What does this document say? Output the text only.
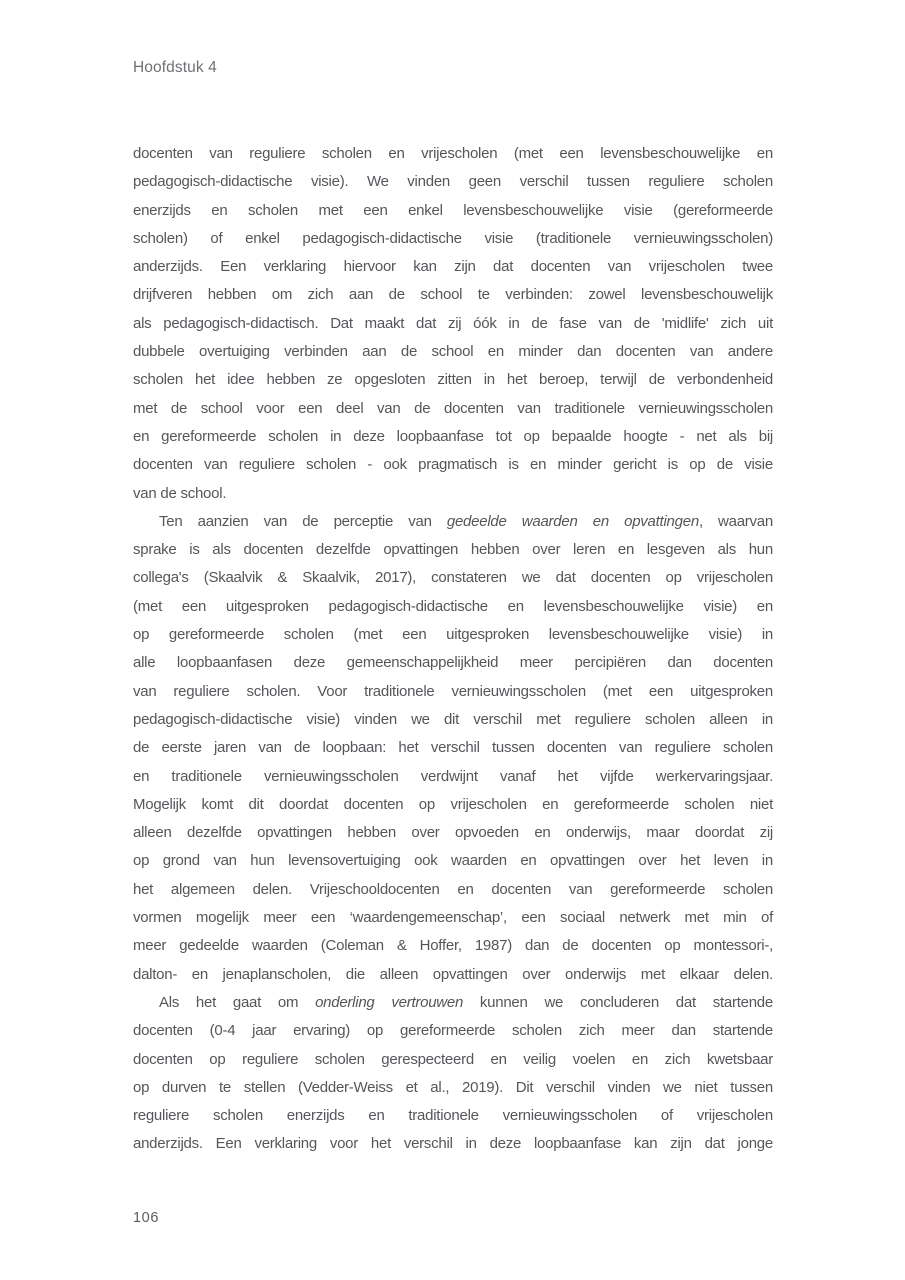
Hoofdstuk 4
docenten van reguliere scholen en vrijescholen (met een levensbeschouwelijke en
pedagogisch-didactische visie). We vinden geen verschil tussen reguliere scholen
enerzijds en scholen met een enkel levensbeschouwelijke visie (gereformeerde
scholen) of enkel pedagogisch-didactische visie (traditionele vernieuwingsscholen)
anderzijds. Een verklaring hiervoor kan zijn dat docenten van vrijescholen twee
drijfveren hebben om zich aan de school te verbinden: zowel levensbeschouwelijk
als pedagogisch-didactisch. Dat maakt dat zij óók in de fase van de 'midlife' zich uit
dubbele overtuiging verbinden aan de school en minder dan docenten van andere
scholen het idee hebben ze opgesloten zitten in het beroep, terwijl de verbondenheid
met de school voor een deel van de docenten van traditionele vernieuwingsscholen
en gereformeerde scholen in deze loopbaanfase tot op bepaalde hoogte - net als bij
docenten van reguliere scholen - ook pragmatisch is en minder gericht is op de visie
van de school.
Ten aanzien van de perceptie van gedeelde waarden en opvattingen, waarvan
sprake is als docenten dezelfde opvattingen hebben over leren en lesgeven als hun
collega's (Skaalvik & Skaalvik, 2017), constateren we dat docenten op vrijescholen
(met een uitgesproken pedagogisch-didactische en levensbeschouwelijke visie) en
op gereformeerde scholen (met een uitgesproken levensbeschouwelijke visie) in
alle loopbaanfasen deze gemeenschappelijkheid meer percipiëren dan docenten
van reguliere scholen. Voor traditionele vernieuwingsscholen (met een uitgesproken
pedagogisch-didactische visie) vinden we dit verschil met reguliere scholen alleen in
de eerste jaren van de loopbaan: het verschil tussen docenten van reguliere scholen
en traditionele vernieuwingsscholen verdwijnt vanaf het vijfde werkervaringsjaar.
Mogelijk komt dit doordat docenten op vrijescholen en gereformeerde scholen niet
alleen dezelfde opvattingen hebben over opvoeden en onderwijs, maar doordat zij
op grond van hun levensovertuiging ook waarden en opvattingen over het leven in
het algemeen delen. Vrijeschooldocenten en docenten van gereformeerde scholen
vormen mogelijk meer een ‘waardengemeenschap’, een sociaal netwerk met min of
meer gedeelde waarden (Coleman & Hoffer, 1987) dan de docenten op montessori-,
dalton- en jenaplanscholen, die alleen opvattingen over onderwijs met elkaar delen.
Als het gaat om onderling vertrouwen kunnen we concluderen dat startende
docenten (0-4 jaar ervaring) op gereformeerde scholen zich meer dan startende
docenten op reguliere scholen gerespecteerd en veilig voelen en zich kwetsbaar
op durven te stellen (Vedder-Weiss et al., 2019). Dit verschil vinden we niet tussen
reguliere scholen enerzijds en traditionele vernieuwingsscholen of vrijescholen
anderzijds. Een verklaring voor het verschil in deze loopbaanfase kan zijn dat jonge
106
